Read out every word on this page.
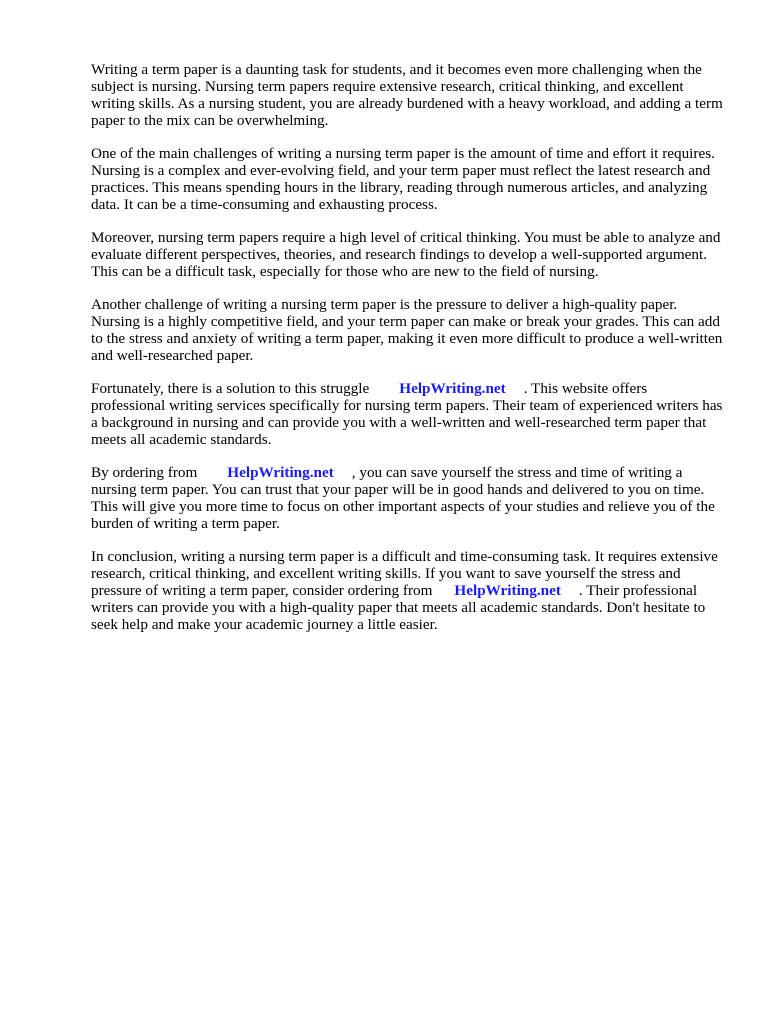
Writing a term paper is a daunting task for students, and it becomes even more challenging when the subject is nursing. Nursing term papers require extensive research, critical thinking, and excellent writing skills. As a nursing student, you are already burdened with a heavy workload, and adding a term paper to the mix can be overwhelming.

One of the main challenges of writing a nursing term paper is the amount of time and effort it requires. Nursing is a complex and ever-evolving field, and your term paper must reflect the latest research and practices. This means spending hours in the library, reading through numerous articles, and analyzing data. It can be a time-consuming and exhausting process.

Moreover, nursing term papers require a high level of critical thinking. You must be able to analyze and evaluate different perspectives, theories, and research findings to develop a well-supported argument. This can be a difficult task, especially for those who are new to the field of nursing.

Another challenge of writing a nursing term paper is the pressure to deliver a high-quality paper. Nursing is a highly competitive field, and your term paper can make or break your grades. This can add to the stress and anxiety of writing a term paper, making it even more difficult to produce a well-written and well-researched paper.

Fortunately, there is a solution to this struggle HelpWriting.net . This website offers professional writing services specifically for nursing term papers. Their team of experienced writers has a background in nursing and can provide you with a well-written and well-researched term paper that meets all academic standards.

By ordering from HelpWriting.net , you can save yourself the stress and time of writing a nursing term paper. You can trust that your paper will be in good hands and delivered to you on time. This will give you more time to focus on other important aspects of your studies and relieve you of the burden of writing a term paper.

In conclusion, writing a nursing term paper is a difficult and time-consuming task. It requires extensive research, critical thinking, and excellent writing skills. If you want to save yourself the stress and pressure of writing a term paper, consider ordering from HelpWriting.net . Their professional writers can provide you with a high-quality paper that meets all academic standards. Don't hesitate to seek help and make your academic journey a little easier.
